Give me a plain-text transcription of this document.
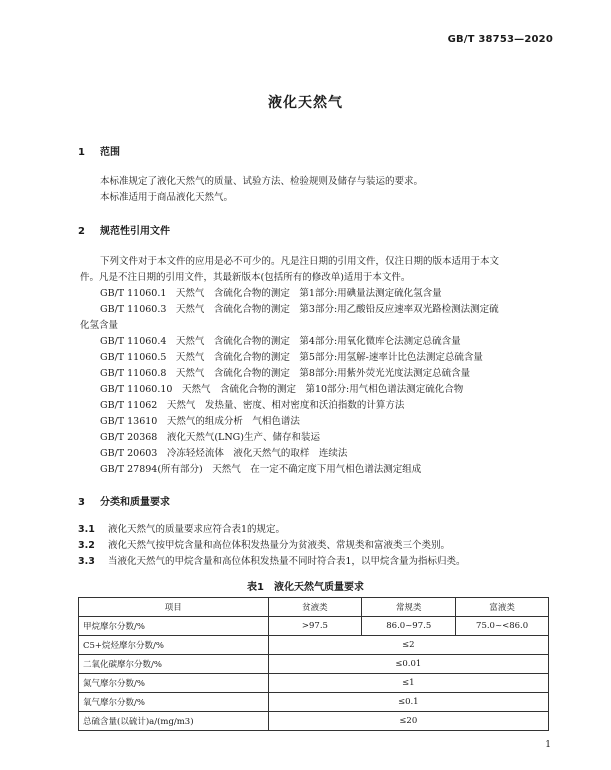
GB/T 38753—2020
液化天然气
1 范围
本标准规定了液化天然气的质量、试验方法、检验规则及储存与装运的要求。
本标准适用于商品液化天然气。
2 规范性引用文件
下列文件对于本文件的应用是必不可少的。凡是注日期的引用文件，仅注日期的版本适用于本文
件。凡是不注日期的引用文件，其最新版本(包括所有的修改单)适用于本文件。
GB/T 11060.1　天然气　含硫化合物的测定　第1部分:用碘量法测定硫化氢含量
GB/T 11060.3　天然气　含硫化合物的测定　第3部分:用乙酸铅反应速率双光路检测法测定硫
化氢含量
GB/T 11060.4　天然气　含硫化合物的测定　第4部分:用氧化微库仑法测定总硫含量
GB/T 11060.5　天然气　含硫化合物的测定　第5部分:用氢解-速率计比色法测定总硫含量
GB/T 11060.8　天然气　含硫化合物的测定　第8部分:用紫外荧光光度法测定总硫含量
GB/T 11060.10　天然气　含硫化合物的测定　第10部分:用气相色谱法测定硫化合物
GB/T 11062　天然气　发热量、密度、相对密度和沃泊指数的计算方法
GB/T 13610　天然气的组成分析　气相色谱法
GB/T 20368　液化天然气(LNG)生产、储存和装运
GB/T 20603　冷冻轻烃流体　液化天然气的取样　连续法
GB/T 27894(所有部分)　天然气　在一定不确定度下用气相色谱法测定组成
3 分类和质量要求
3.1 液化天然气的质量要求应符合表1的规定。
3.2 液化天然气按甲烷含量和高位体积发热量分为贫液类、常规类和富液类三个类别。
3.3 当液化天然气的甲烷含量和高位体积发热量不同时符合表1，以甲烷含量为指标归类。
表1　液化天然气质量要求
项目	贫液类	常规类	富液类
甲烷摩尔分数/%	>97.5	86.0~97.5	75.0~<86.0
C5+烷烃摩尔分数/%	≤2		
二氧化碳摩尔分数/%	≤0.01		
氮气摩尔分数/%	≤1		
氧气摩尔分数/%	≤0.1		
总硫含量(以硫计)a/(mg/m3)	≤20		
1
